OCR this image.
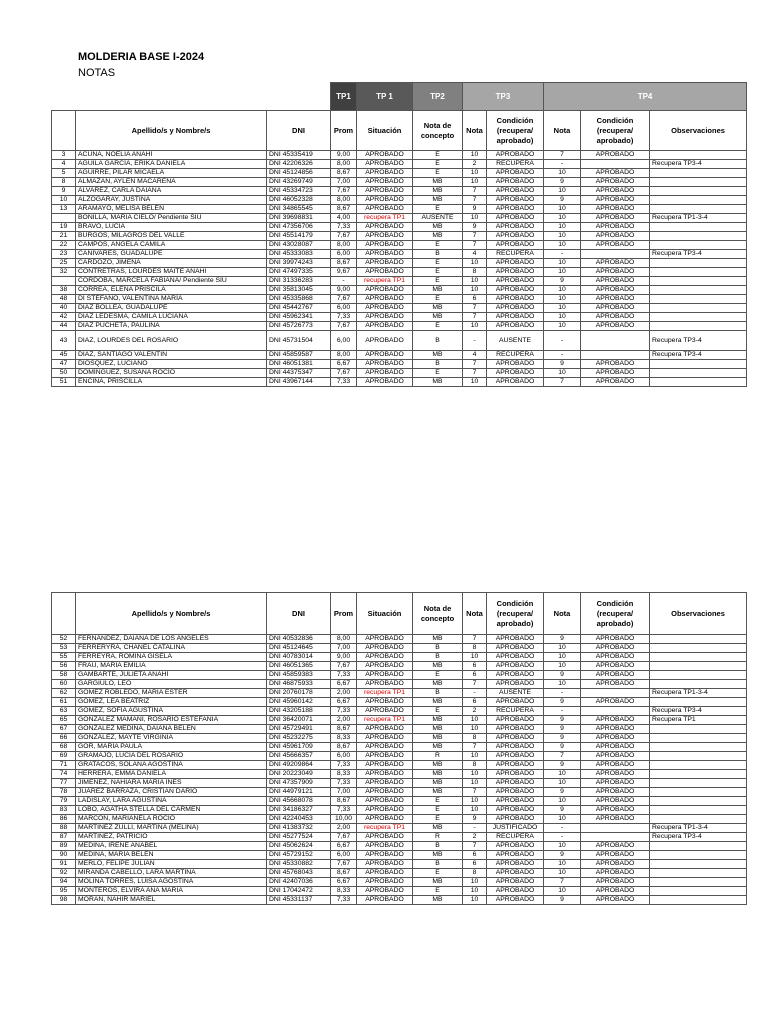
MOLDERIA BASE I-2024
NOTAS
			TP1	TP 1	TP2	TP3		TP4		
	Apellido/s y Nombre/s	DNI	Prom	Situación	Nota de concepto	Nota	Condición (recupera/ aprobado)	Nota	Condición (recupera/ aprobado)	Observaciones
3	ACUÑA, NOELIA ANAHÍ	DNI 45335419	9,00	APROBADO	E	10	APROBADO	7	APROBADO	
4	AGUILA GARCIA, ERIKA DANIELA	DNI 42206326	8,00	APROBADO	E	2	RECUPERA	-		Recupera TP3-4
5	AGUIRRE, PILAR MICAELA	DNI 45124856	8,67	APROBADO	E	10	APROBADO	10	APROBADO	
8	ALMAZAN, AYLEN MACARENA	DNI 43269749	7,00	APROBADO	MB	10	APROBADO	9	APROBADO	
9	ÁLVAREZ, CARLA DAIANA	DNI 45334723	7,67	APROBADO	MB	7	APROBADO	10	APROBADO	
10	ALZOGARAY, JUSTINA	DNI 46052328	8,00	APROBADO	MB	7	APROBADO	9	APROBADO	
13	ARAMAYO, MELISA BELÉN	DNI 34865545	8,67	APROBADO	E	9	APROBADO	10	APROBADO	
	BONILLA, MARIA CIELO/ Pendiente SIU	DNI 39698831	4,00	recupera TP1	AUSENTE	10	APROBADO	10	APROBADO	Recupera TP1-3-4
19	BRAVO, LUCIA	DNI 47356706	7,33	APROBADO	MB	9	APROBADO	10	APROBADO	
21	BURGOS, MILAGROS DEL VALLE	DNI 45514179	7,67	APROBADO	MB	7	APROBADO	10	APROBADO	
22	CAMPOS, ANGELA CAMILA	DNI 43028087	8,00	APROBADO	E	7	APROBADO	10	APROBADO	
23	CANIVARES, GUADALUPE	DNI 45333083	6,00	APROBADO	B	4	RECUPERA	-		Recupera TP3-4
25	CARDOZO, JIMENA	DNI 39974243	8,67	APROBADO	E	10	APROBADO	10	APROBADO	
32	CONTRETRAS, LOURDES MAITE ANAHI	DNI 47497335	9,67	APROBADO	E	8	APROBADO	10	APROBADO	
	CORDOBA, MARCELA FABIANA/ Pendiente SIU	DNI 31336283	-	recupera TP1	E	10	APROBADO	9	APROBADO	
38	CORREA, ELENA PRISCILA	DNI 35813045	9,00	APROBADO	MB	10	APROBADO	10	APROBADO	
48	DI STÉFANO, VALENTINA MARÍA	DNI 45335868	7,67	APROBADO	E	6	APROBADO	10	APROBADO	
40	DIAZ BOLLEA, GUADALUPE	DNI 45442767	6,00	APROBADO	MB	7	APROBADO	10	APROBADO	
42	DIAZ LEDESMA, CAMILA LUCIANA	DNI 45962341	7,33	APROBADO	MB	7	APROBADO	10	APROBADO	
44	DIAZ PUCHETA, PAULINA	DNI 45726773	7,67	APROBADO	E	10	APROBADO	10	APROBADO	
43	DIAZ, LOURDES DEL ROSARIO	DNI 45731504	6,00	APROBADO	B	-	AUSENTE	-		Recupera TP3-4
45	DIAZ, SANTIAGO VALENTIN	DNI 45859587	8,00	APROBADO	MB	4	RECUPERA	-		Recupera TP3-4
47	DIOSQUEZ, LUCIANO	DNI 46051381	6,67	APROBADO	B	7	APROBADO	9	APROBADO	
50	DOMÍNGUEZ, SUSANA ROCÍO	DNI 44375347	7,67	APROBADO	E	7	APROBADO	10	APROBADO	
51	ENCINA, PRISCILLA	DNI 43967144	7,33	APROBADO	MB	10	APROBADO	7	APROBADO	
	Apellido/s y Nombre/s	DNI	Prom	Situación	Nota de concepto	Nota	Condición (recupera/ aprobado)	Nota	Condición (recupera/ aprobado)	Observaciones
52	FERNÁNDEZ, DAIANA DE LOS ANGELES	DNI 40532836	8,00	APROBADO	MB	7	APROBADO	9	APROBADO	
53	FERRERYRA, CHANEL CATALINA	DNI 45124645	7,00	APROBADO	B	8	APROBADO	10	APROBADO	
55	FERREYRA, ROMINA GISELA	DNI 40783014	9,00	APROBADO	B	10	APROBADO	10	APROBADO	
56	FRAU, MARÍA EMILIA	DNI 46051365	7,67	APROBADO	MB	6	APROBADO	10	APROBADO	
58	GAMBARTE, JULIETA ANAHÍ	DNI 45859383	7,33	APROBADO	E	6	APROBADO	9	APROBADO	
60	GARGIULO, LEO	DNI 46875933	6,67	APROBADO	MB	7	APROBADO	10	APROBADO	
62	GOMEZ ROBLEDO, MARIA ESTER	DNI 20760178	2,00	recupera TP1	B	-	AUSENTE	-		Recupera TP1-3-4
61	GOMEZ, LEA BEATRIZ	DNI 45960142	6,67	APROBADO	MB	6	APROBADO	9	APROBADO	
63	GOMEZ, SOFIA AGUSTINA	DNI 43205188	7,33	APROBADO	E	2	RECUPERA	-		Recupera TP3-4
65	GONZALEZ MAMANI, ROSARIO ESTEFANIA	DNI 36420071	2,00	recupera TP1	MB	10	APROBADO	9	APROBADO	Recupera TP1
67	GONZALEZ MEDINA, DAIANA BELEN	DNI 45729491	8,67	APROBADO	MB	10	APROBADO	9	APROBADO	
66	GONZÁLEZ, MAYTE VIRGINIA	DNI 45232275	8,33	APROBADO	MB	8	APROBADO	9	APROBADO	
68	GOR, MARÍA PAULA	DNI 45961709	8,67	APROBADO	MB	7	APROBADO	9	APROBADO	
69	GRAMAJO, LUCIA DEL ROSARIO	DNI 45666357	6,00	APROBADO	R	10	APROBADO	7	APROBADO	
71	GRATACÓS, SOLANA AGOSTINA	DNI 49209864	7,33	APROBADO	MB	8	APROBADO	9	APROBADO	
74	HERRERA, EMMA DANIELA	DNI 20223049	8,33	APROBADO	MB	10	APROBADO	10	APROBADO	
77	JIMENEZ, NAHIARA MARIA INES	DNI 47357909	7,33	APROBADO	MB	10	APROBADO	10	APROBADO	
78	JUÁREZ BARRAZA, CRISTIAN DARÍO	DNI 44979121	7,00	APROBADO	MB	7	APROBADO	9	APROBADO	
79	LADISLAY, LARA AGUSTINA	DNI 45668078	8,67	APROBADO	E	10	APROBADO	10	APROBADO	
83	LOBO, AGATHA STELLA DEL CARMEN	DNI 34186327	7,33	APROBADO	E	10	APROBADO	9	APROBADO	
86	MARCON, MARIANELA ROCIO	DNI 42240453	10,00	APROBADO	E	9	APROBADO	10	APROBADO	
88	MARTINEZ ZULLI, MARTINA (MELINA)	DNI 41383732	2,00	recupera TP1	MB	-	JUSTIFICADO	-		Recupera TP1-3-4
87	MARTINEZ, PATRICIO	DNI 45277524	7,67	APROBADO	R	2	RECUPERA	-		Recupera TP3-4
89	MEDINA, IRENE ANABEL	DNI 45062624	6,67	APROBADO	B	7	APROBADO	10	APROBADO	
90	MEDINA, MARÍA BELÉN	DNI 45729152	6,00	APROBADO	MB	6	APROBADO	9	APROBADO	
91	MERLO, FELIPE JULIAN	DNI 45330882	7,67	APROBADO	B	6	APROBADO	10	APROBADO	
92	MIRANDA CABELLO, LARA MARTINA	DNI 45768043	8,67	APROBADO	E	8	APROBADO	10	APROBADO	
94	MOLINA TORRES, LUISA AGOSTINA	DNI 42407036	6,67	APROBADO	MB	10	APROBADO	7	APROBADO	
95	MONTEROS, ELVIRA ANA MARIA	DNI 17042472	8,33	APROBADO	E	10	APROBADO	10	APROBADO	
98	MORAN, NAHIR MARIEL	DNI 45331137	7,33	APROBADO	MB	10	APROBADO	9	APROBADO	
